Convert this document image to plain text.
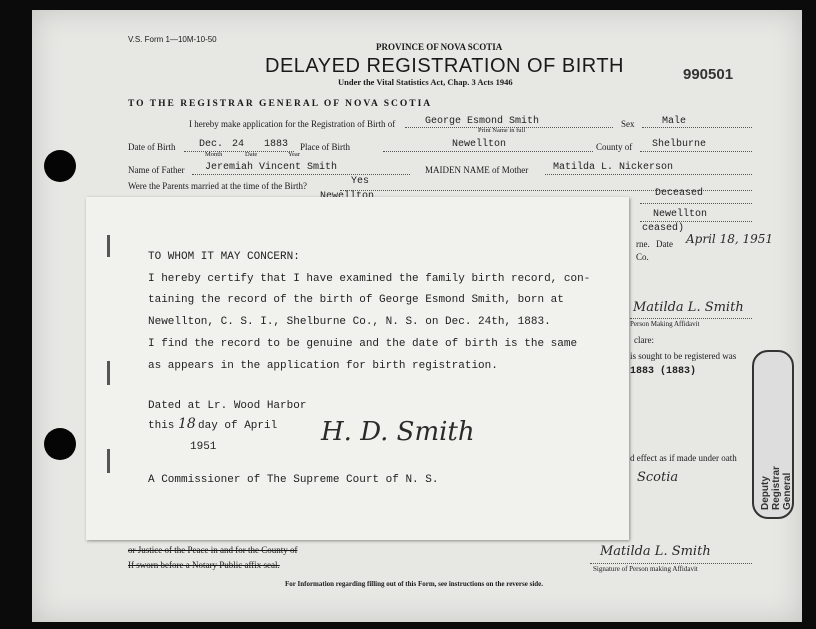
V.S. Form 1—10M-10-50
PROVINCE OF NOVA SCOTIA
DELAYED REGISTRATION OF BIRTH
Under the Vital Statistics Act, Chap. 3 Acts 1946	990501
TO THE REGISTRAR GENERAL OF NOVA SCOTIA
I hereby make application for the Registration of Birth of	George Esmond Smith
Print Name in full
Sex	Male
Date of Birth Dec. 24 1883
Month	Date	Year
Place of Birth	Newellton	County of Shelburne
Name of Father Jeremiah Vincent Smith	MAIDEN NAME of Mother Matilda L. Nickerson
Were the Parents married at the time of the Birth?	Yes
Deceased
Newellton
ceased)
rne. Date April 18, 1951
Co.
Matilda L. Smith
Person Making Affidavit
clare:
is sought to be registered was
1883 (1883)
d effect as if made under oath
Scotia	Deputy Registrar General
or Justice of the Peace in and for the County of
If sworn before a Notary Public affix seal.
Matilda L. Smith
Signature of Person making Affidavit
For Information regarding filling out of this Form, see instructions on the reverse side.
TO WHOM IT MAY CONCERN:
I hereby certify that I have examined the family birth record, con-
taining the record of the birth of George Esmond Smith, born at
Newellton, C. S. I., Shelburne Co., N. S. on Dec. 24th, 1883.
I find the record to be genuine and the date of birth is the same
as appears in the application for birth registration.
Dated at Lr. Wood Harbor
this 18 day of April
1951	H. D. Smith
A Commissioner of The Supreme Court of N. S.
